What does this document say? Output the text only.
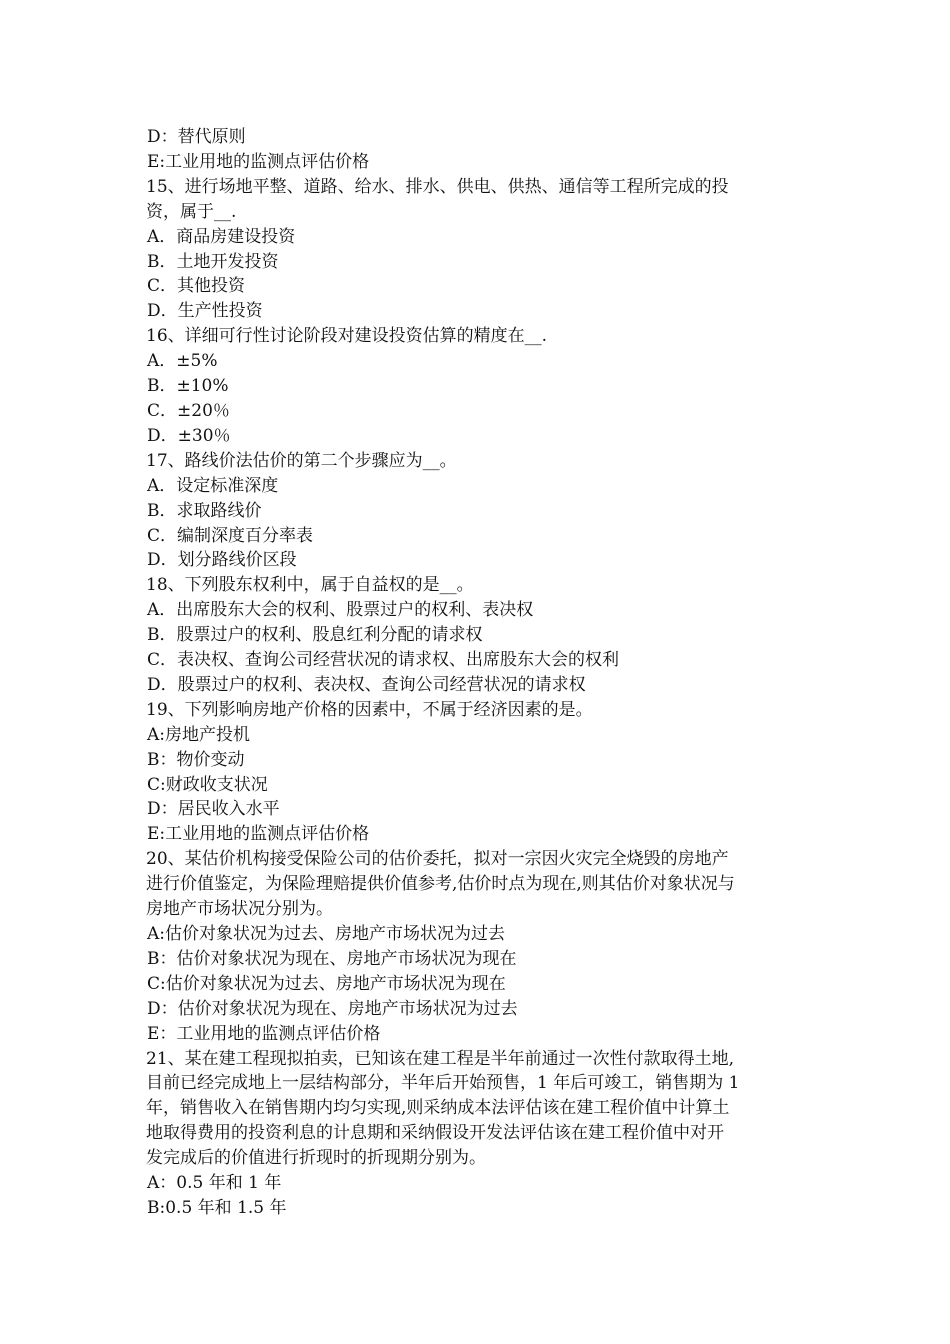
D：替代原则
E:工业用地的监测点评估价格
15、进行场地平整、道路、给水、排水、供电、供热、通信等工程所完成的投
资，属于__.
A．商品房建设投资
B．土地开发投资
C．其他投资
D．生产性投资
16、详细可行性讨论阶段对建设投资估算的精度在__.
A．±5%
B．±10%
C．±20％
D．±30％
17、路线价法估价的第二个步骤应为__。
A．设定标准深度
B．求取路线价
C．编制深度百分率表
D．划分路线价区段
18、下列股东权利中，属于自益权的是__。
A．出席股东大会的权利、股票过户的权利、表决权
B．股票过户的权利、股息红利分配的请求权
C．表决权、查询公司经营状况的请求权、出席股东大会的权利
D．股票过户的权利、表决权、查询公司经营状况的请求权
19、下列影响房地产价格的因素中，不属于经济因素的是。
A:房地产投机
B：物价变动
C:财政收支状况
D：居民收入水平
E:工业用地的监测点评估价格
20、某估价机构接受保险公司的估价委托，拟对一宗因火灾完全烧毁的房地产
进行价值鉴定，为保险理赔提供价值参考,估价时点为现在,则其估价对象状况与
房地产市场状况分别为。
A:估价对象状况为过去、房地产市场状况为过去
B：估价对象状况为现在、房地产市场状况为现在
C:估价对象状况为过去、房地产市场状况为现在
D：估价对象状况为现在、房地产市场状况为过去
E：工业用地的监测点评估价格
21、某在建工程现拟拍卖，已知该在建工程是半年前通过一次性付款取得土地,
目前已经完成地上一层结构部分，半年后开始预售，1 年后可竣工，销售期为 1
年，销售收入在销售期内均匀实现,则采纳成本法评估该在建工程价值中计算土
地取得费用的投资利息的计息期和采纳假设开发法评估该在建工程价值中对开
发完成后的价值进行折现时的折现期分别为。
A：0.5 年和 1 年
B:0.5 年和 1.5 年
